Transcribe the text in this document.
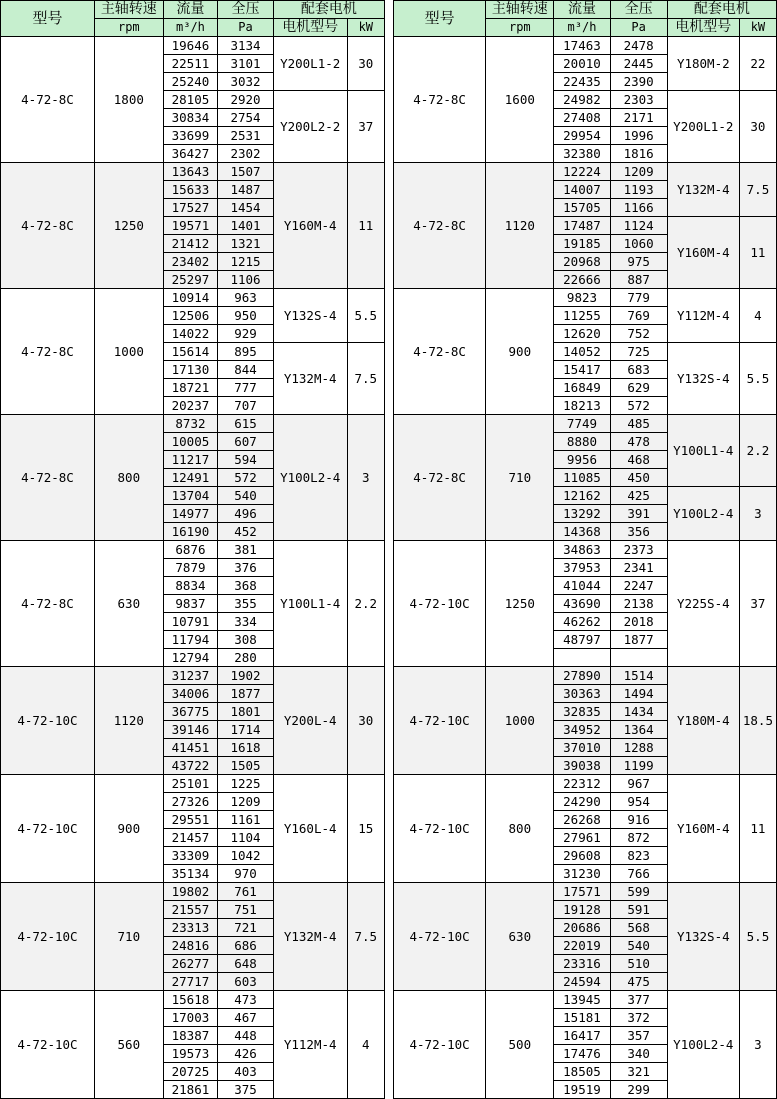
型号	主轴转速	流量	全压	配套电机	
	rpm	m³/h	Pa	电机型号	kW
4-72-8C	1800	19646	3134	Y200L1-2	30
		22511	3101		
		25240	3032		
		28105	2920	Y200L2-2	37
		30834	2754		
		33699	2531		
		36427	2302		
4-72-8C	1250	13643	1507	Y160M-4	11
		15633	1487		
		17527	1454		
		19571	1401		
		21412	1321		
		23402	1215		
		25297	1106		
4-72-8C	1000	10914	963	Y132S-4	5.5
		12506	950		
		14022	929		
		15614	895	Y132M-4	7.5
		17130	844		
		18721	777		
		20237	707		
4-72-8C	800	8732	615	Y100L2-4	3
		10005	607		
		11217	594		
		12491	572		
		13704	540		
		14977	496		
		16190	452		
4-72-8C	630	6876	381	Y100L1-4	2.2
		7879	376		
		8834	368		
		9837	355		
		10791	334		
		11794	308		
		12794	280		
4-72-10C	1120	31237	1902	Y200L-4	30
		34006	1877		
		36775	1801		
		39146	1714		
		41451	1618		
		43722	1505		
4-72-10C	900	25101	1225	Y160L-4	15
		27326	1209		
		29551	1161		
		21457	1104		
		33309	1042		
		35134	970		
4-72-10C	710	19802	761	Y132M-4	7.5
		21557	751		
		23313	721		
		24816	686		
		26277	648		
		27717	603		
4-72-10C	560	15618	473	Y112M-4	4
		17003	467		
		18387	448		
		19573	426		
		20725	403		
		21861	375		
型号	主轴转速	流量	全压	配套电机	
	rpm	m³/h	Pa	电机型号	kW
4-72-8C	1600	17463	2478	Y180M-2	22
		20010	2445		
		22435	2390		
		24982	2303	Y200L1-2	30
		27408	2171		
		29954	1996		
		32380	1816		
4-72-8C	1120	12224	1209	Y132M-4	7.5
		14007	1193		
		15705	1166		
		17487	1124	Y160M-4	11
		19185	1060		
		20968	975		
		22666	887		
4-72-8C	900	9823	779	Y112M-4	4
		11255	769		
		12620	752		
		14052	725	Y132S-4	5.5
		15417	683		
		16849	629		
		18213	572		
4-72-8C	710	7749	485	Y100L1-4	2.2
		8880	478		
		9956	468		
		11085	450		
		12162	425	Y100L2-4	3
		13292	391		
		14368	356		
4-72-10C	1250	34863	2373	Y225S-4	37
		37953	2341		
		41044	2247		
		43690	2138		
		46262	2018		
		48797	1877		

4-72-10C	1000	27890	1514	Y180M-4	18.5
		30363	1494		
		32835	1434		
		34952	1364		
		37010	1288		
		39038	1199		
4-72-10C	800	22312	967	Y160M-4	11
		24290	954		
		26268	916		
		27961	872		
		29608	823		
		31230	766		
4-72-10C	630	17571	599	Y132S-4	5.5
		19128	591		
		20686	568		
		22019	540		
		23316	510		
		24594	475		
4-72-10C	500	13945	377	Y100L2-4	3
		15181	372		
		16417	357		
		17476	340		
		18505	321		
		19519	299		
